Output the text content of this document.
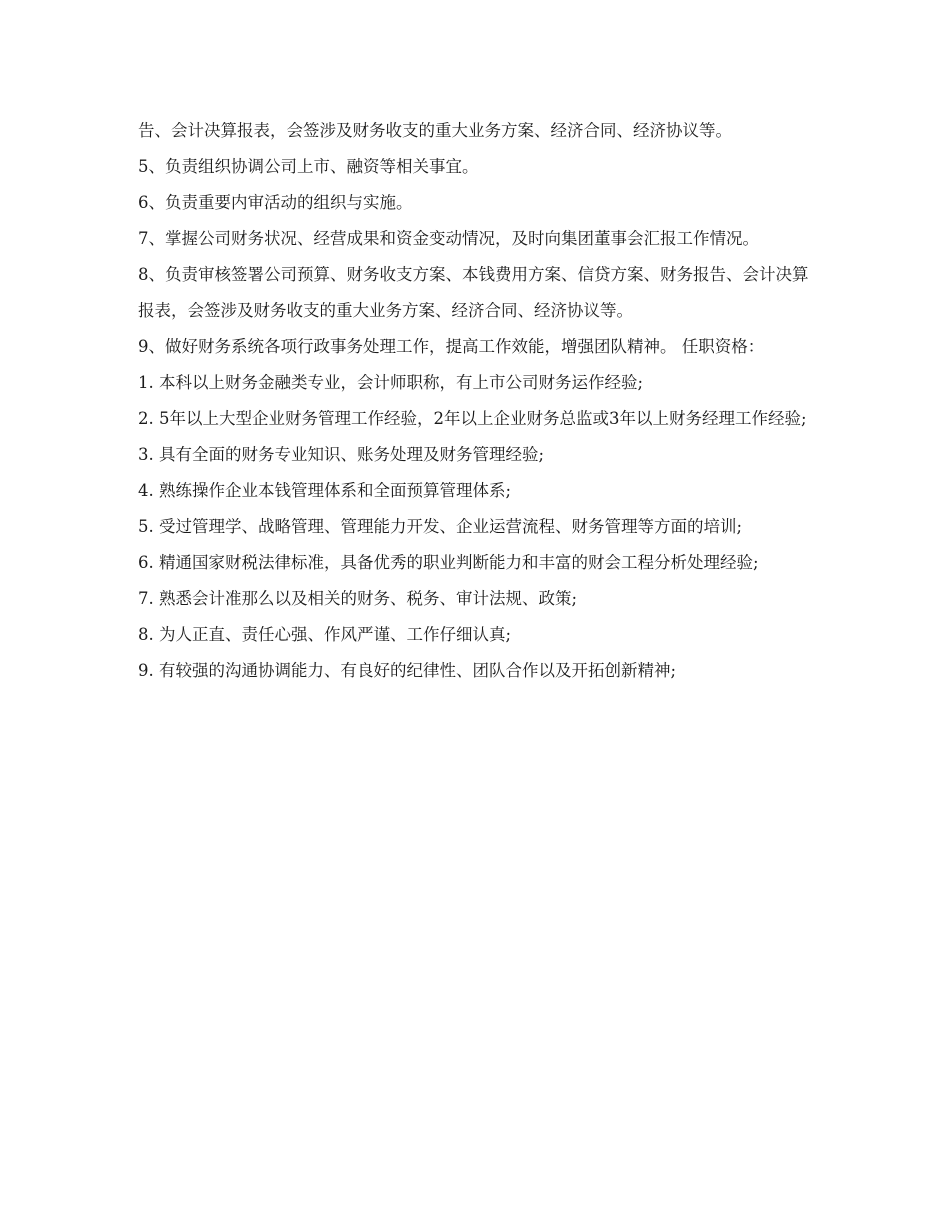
告、会计决算报表，会签涉及财务收支的重大业务方案、经济合同、经济协议等。

5、负责组织协调公司上市、融资等相关事宜。

6、负责重要内审活动的组织与实施。

7、掌握公司财务状况、经营成果和资金变动情况，及时向集团董事会汇报工作情况。

8、负责审核签署公司预算、财务收支方案、本钱费用方案、信贷方案、财务报告、会计决算报表，会签涉及财务收支的重大业务方案、经济合同、经济协议等。

9、做好财务系统各项行政事务处理工作，提高工作效能，增强团队精神。 任职资格：

1. 本科以上财务金融类专业，会计师职称，有上市公司财务运作经验;

2. 5年以上大型企业财务管理工作经验，2年以上企业财务总监或3年以上财务经理工作经验;

3. 具有全面的财务专业知识、账务处理及财务管理经验;

4. 熟练操作企业本钱管理体系和全面预算管理体系;

5. 受过管理学、战略管理、管理能力开发、企业运营流程、财务管理等方面的培训;

6. 精通国家财税法律标准，具备优秀的职业判断能力和丰富的财会工程分析处理经验;

7. 熟悉会计准那么以及相关的财务、税务、审计法规、政策;

8. 为人正直、责任心强、作风严谨、工作仔细认真;

9. 有较强的沟通协调能力、有良好的纪律性、团队合作以及开拓创新精神;
